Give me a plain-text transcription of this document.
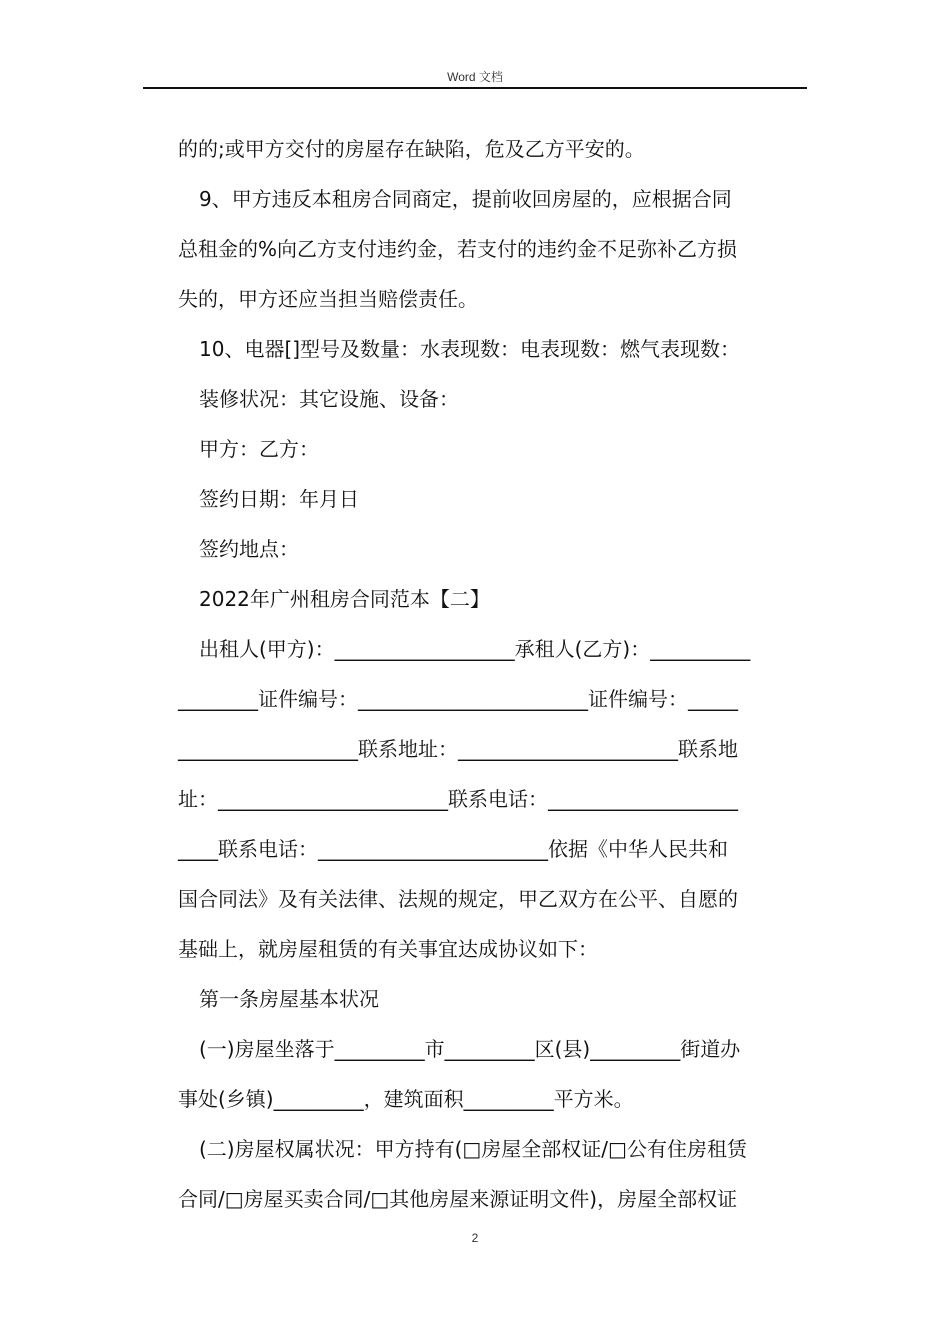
Word 文档
的的;或甲方交付的房屋存在缺陷，危及乙方平安的。
9、甲方违反本租房合同商定，提前收回房屋的，应根据合同
总租金的%向乙方支付违约金，若支付的违约金不足弥补乙方损
失的，甲方还应当担当赔偿责任。
10、电器[]型号及数量：水表现数：电表现数：燃气表现数：
装修状况：其它设施、设备：
甲方：乙方：
签约日期：年月日
签约地点：
2022年广州租房合同范本【二】
出租人(甲方)：__________________承租人(乙方)：__________
________证件编号：_______________________证件编号：_____
__________________联系地址：______________________联系地
址：_______________________联系电话：___________________
____联系电话：_______________________依据《中华人民共和
国合同法》及有关法律、法规的规定，甲乙双方在公平、自愿的
基础上，就房屋租赁的有关事宜达成协议如下：
第一条房屋基本状况
(一)房屋坐落于_________市_________区(县)_________街道办
事处(乡镇)_________，建筑面积_________平方米。
(二)房屋权属状况：甲方持有(□房屋全部权证/□公有住房租赁
合同/□房屋买卖合同/□其他房屋来源证明文件)，房屋全部权证
2
